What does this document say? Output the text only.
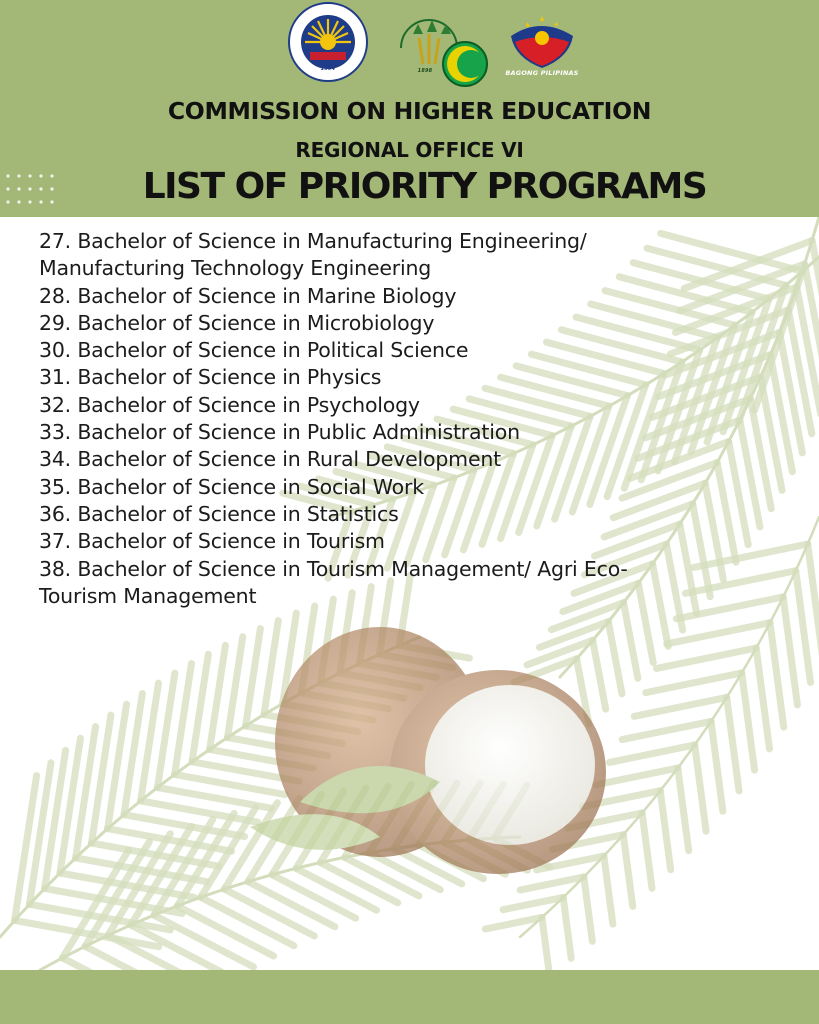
1994	1898	BAGONG PILIPINAS
COMMISSION ON HIGHER EDUCATION
REGIONAL OFFICE VI
LIST OF PRIORITY PROGRAMS
27. Bachelor of Science in Manufacturing Engineering/
Manufacturing Technology Engineering
28. Bachelor of Science in Marine Biology
29. Bachelor of Science in Microbiology
30. Bachelor of Science in Political Science
31. Bachelor of Science in Physics
32. Bachelor of Science in Psychology
33. Bachelor of Science in Public Administration
34. Bachelor of Science in Rural Development
35. Bachelor of Science in Social Work
36. Bachelor of Science in Statistics
37. Bachelor of Science in Tourism
38. Bachelor of Science in Tourism Management/ Agri Eco-
Tourism Management
